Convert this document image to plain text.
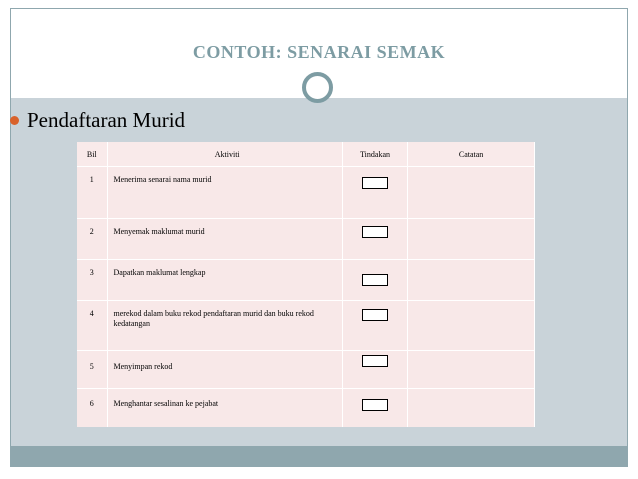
CONTOH: SENARAI SEMAK
Pendaftaran Murid
Bil	Aktiviti	Tindakan	Catatan
1	Menerima senarai nama murid		

2	Menyemak maklumat murid		

3	Dapatkan maklumat lengkap		

4	merekod dalam buku rekod pendaftaran murid dan buku rekod kedatangan		

5	Menyimpan rekod		

6	Menghantar sesalinan ke pejabat		
